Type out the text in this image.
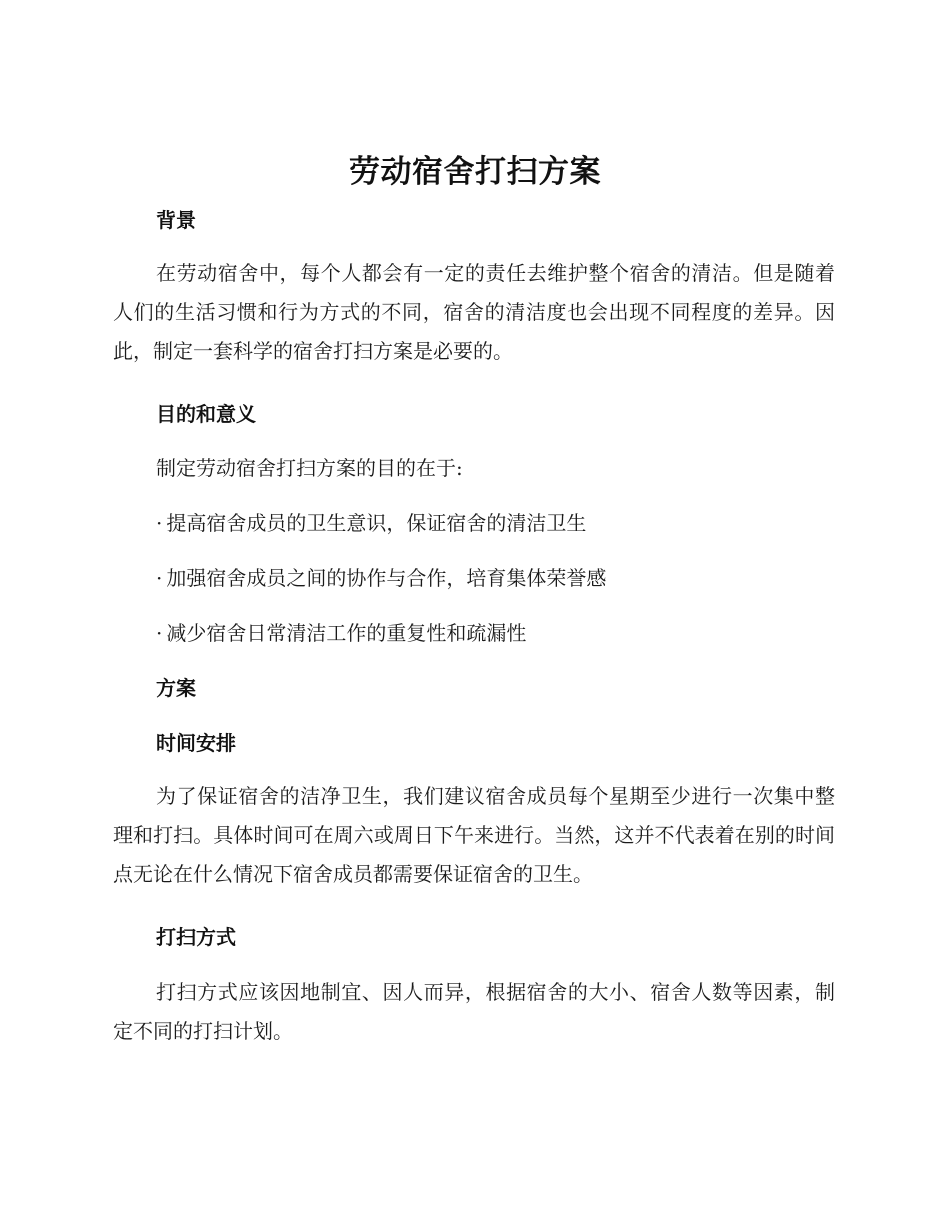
劳动宿舍打扫方案
背景
在劳动宿舍中，每个人都会有一定的责任去维护整个宿舍的清洁。但是随着人们的生活习惯和行为方式的不同，宿舍的清洁度也会出现不同程度的差异。因此，制定一套科学的宿舍打扫方案是必要的。
目的和意义
制定劳动宿舍打扫方案的目的在于:
· 提高宿舍成员的卫生意识，保证宿舍的清洁卫生
· 加强宿舍成员之间的协作与合作，培育集体荣誉感
· 减少宿舍日常清洁工作的重复性和疏漏性
方案
时间安排
为了保证宿舍的洁净卫生，我们建议宿舍成员每个星期至少进行一次集中整理和打扫。具体时间可在周六或周日下午来进行。当然，这并不代表着在别的时间点无论在什么情况下宿舍成员都需要保证宿舍的卫生。
打扫方式
打扫方式应该因地制宜、因人而异，根据宿舍的大小、宿舍人数等因素，制定不同的打扫计划。
